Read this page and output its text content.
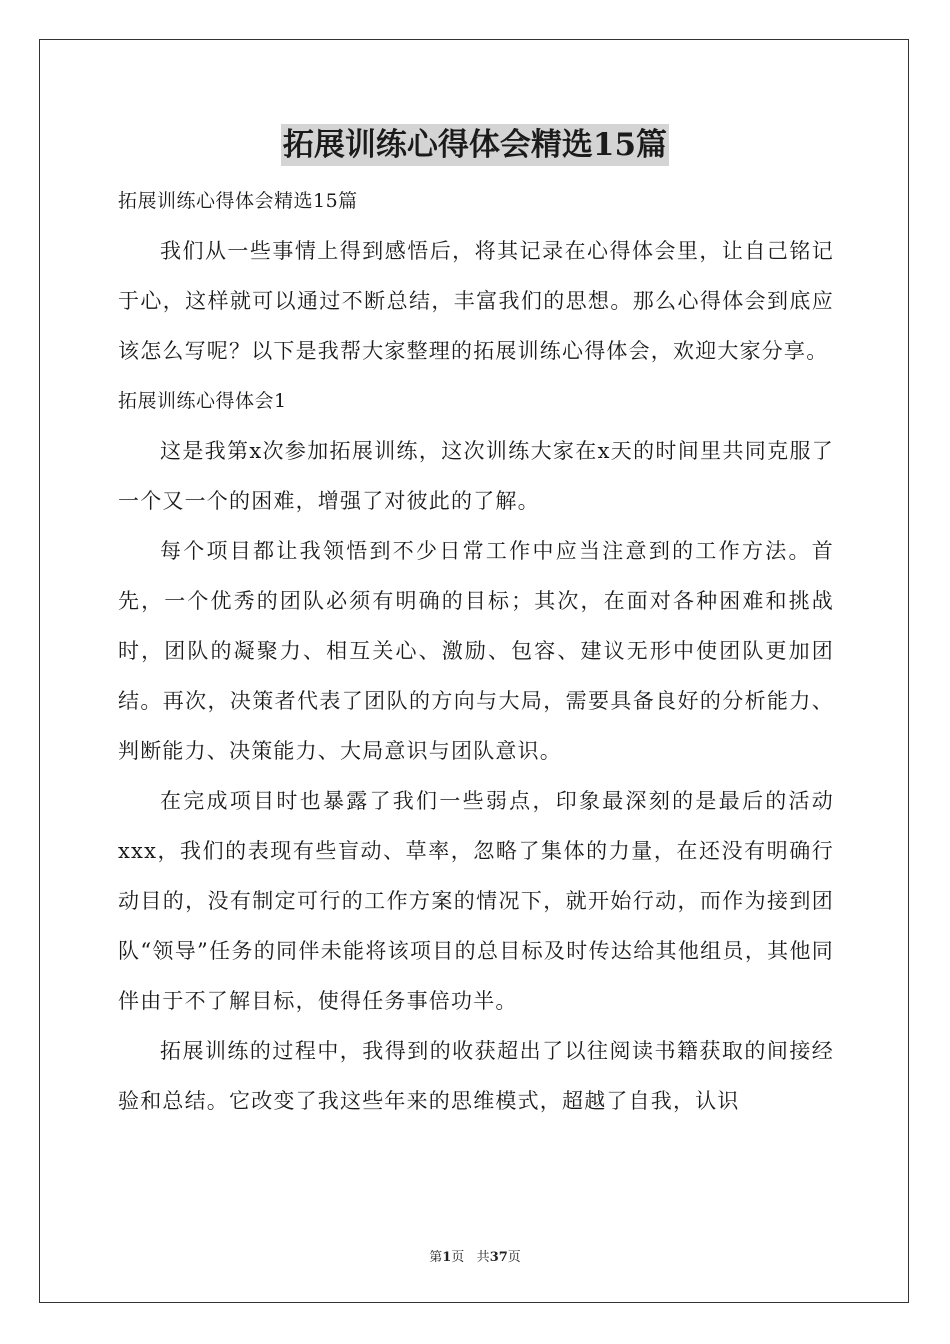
拓展训练心得体会精选15篇

拓展训练心得体会精选15篇

我们从一些事情上得到感悟后，将其记录在心得体会里，让自己铭记于心，这样就可以通过不断总结，丰富我们的思想。那么心得体会到底应该怎么写呢？以下是我帮大家整理的拓展训练心得体会，欢迎大家分享。

拓展训练心得体会1

这是我第x次参加拓展训练，这次训练大家在x天的时间里共同克服了一个又一个的困难，增强了对彼此的了解。

每个项目都让我领悟到不少日常工作中应当注意到的工作方法。首先，一个优秀的团队必须有明确的目标；其次，在面对各种困难和挑战时，团队的凝聚力、相互关心、激励、包容、建议无形中使团队更加团结。再次，决策者代表了团队的方向与大局，需要具备良好的分析能力、判断能力、决策能力、大局意识与团队意识。

在完成项目时也暴露了我们一些弱点，印象最深刻的是最后的活动xxx，我们的表现有些盲动、草率，忽略了集体的力量，在还没有明确行动目的，没有制定可行的工作方案的情况下，就开始行动，而作为接到团队“领导”任务的同伴未能将该项目的总目标及时传达给其他组员，其他同伴由于不了解目标，使得任务事倍功半。

拓展训练的过程中，我得到的收获超出了以往阅读书籍获取的间接经验和总结。它改变了我这些年来的思维模式，超越了自我，认识

第1页 共37页
